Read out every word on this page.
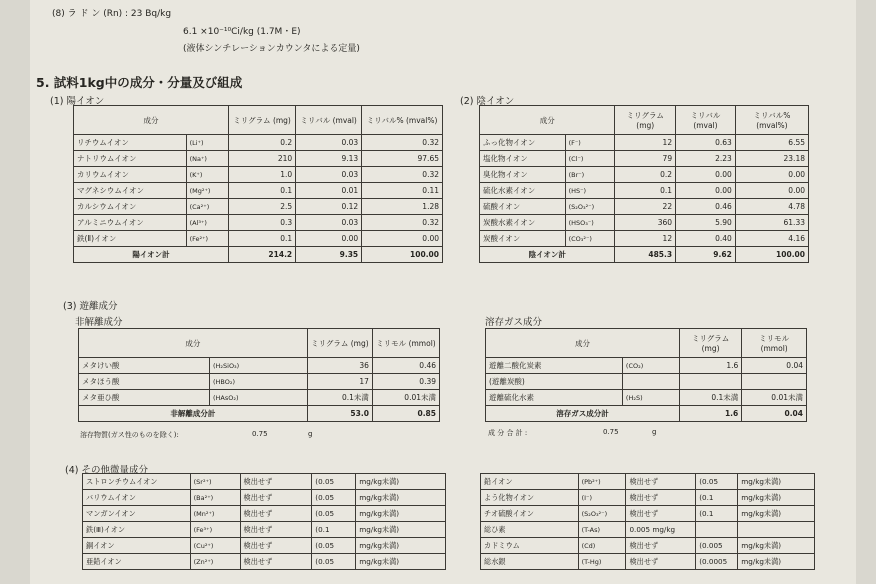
(8) ラ ド ン (Rn) : 23 Bq/kg
6.1 ×10⁻¹⁰Ci/kg (1.7M・E)
(液体シンチレーションカウンタによる定量)
5. 試料1kg中の成分・分量及び組成
(1) 陽イオン
成分		ミリグラム (mg)	ミリバル (mval)	ミリバル% (mval%)
リチウムイオン	(Li⁺)	0.2	0.03	0.32
ナトリウムイオン	(Na⁺)	210	9.13	97.65
カリウムイオン	(K⁺)	1.0	0.03	0.32
マグネシウムイオン	(Mg²⁺)	0.1	0.01	0.11
カルシウムイオン	(Ca²⁺)	2.5	0.12	1.28
アルミニウムイオン	(Al³⁺)	0.3	0.03	0.32
鉄(Ⅱ)イオン	(Fe²⁺)	0.1	0.00	0.00
陽イオン計		214.2	9.35	100.00
(2) 陰イオン
成分		ミリグラム (mg)	ミリバル (mval)	ミリバル% (mval%)
ふっ化物イオン	(F⁻)	12	0.63	6.55
塩化物イオン	(Cl⁻)	79	2.23	23.18
臭化物イオン	(Br⁻)	0.2	0.00	0.00
硫化水素イオン	(HS⁻)	0.1	0.00	0.00
硫酸イオン	(S₂O₃²⁻)	22	0.46	4.78
炭酸水素イオン	(HSO₃⁻)	360	5.90	61.33
炭酸イオン	(CO₃²⁻)	12	0.40	4.16
陰イオン計		485.3	9.62	100.00
(3) 遊離成分
非解離成分
成分		ミリグラム (mg)	ミリモル (mmol)
メタけい酸	(H₂SiO₃)	36	0.46
メタほう酸	(HBO₂)	17	0.39
メタ亜ひ酸	(HAsO₂)	0.1未満	0.01未満
非解離成分計		53.0	0.85
溶存物質(ガス性のものを除く):	0.75	g
溶存ガス成分
成分		ミリグラム (mg)	ミリモル (mmol)
遊離二酸化炭素	(CO₂)	1.6	0.04
(遊離炭酸)			
遊離硫化水素	(H₂S)	0.1未満	0.01未満
溶存ガス成分計		1.6	0.04
成 分 合 計 :	0.75	g
(4) その他微量成分
ストロンチウムイオン	(Sr²⁺)	検出せず	(0.05	mg/kg未満)
バリウムイオン	(Ba²⁺)	検出せず	(0.05	mg/kg未満)
マンガンイオン	(Mn²⁺)	検出せず	(0.05	mg/kg未満)
鉄(Ⅲ)イオン	(Fe³⁺)	検出せず	(0.1	mg/kg未満)
銅イオン	(Cu²⁺)	検出せず	(0.05	mg/kg未満)
亜鉛イオン	(Zn²⁺)	検出せず	(0.05	mg/kg未満)
鉛イオン	(Pb²⁺)	検出せず	(0.05	mg/kg未満)
よう化物イオン	(I⁻)	検出せず	(0.1	mg/kg未満)
チオ硫酸イオン	(S₂O₃²⁻)	検出せず	(0.1	mg/kg未満)
総ひ素	(T-As)	0.005 mg/kg		
カドミウム	(Cd)	検出せず	(0.005	mg/kg未満)
総水銀	(T-Hg)	検出せず	(0.0005	mg/kg未満)
